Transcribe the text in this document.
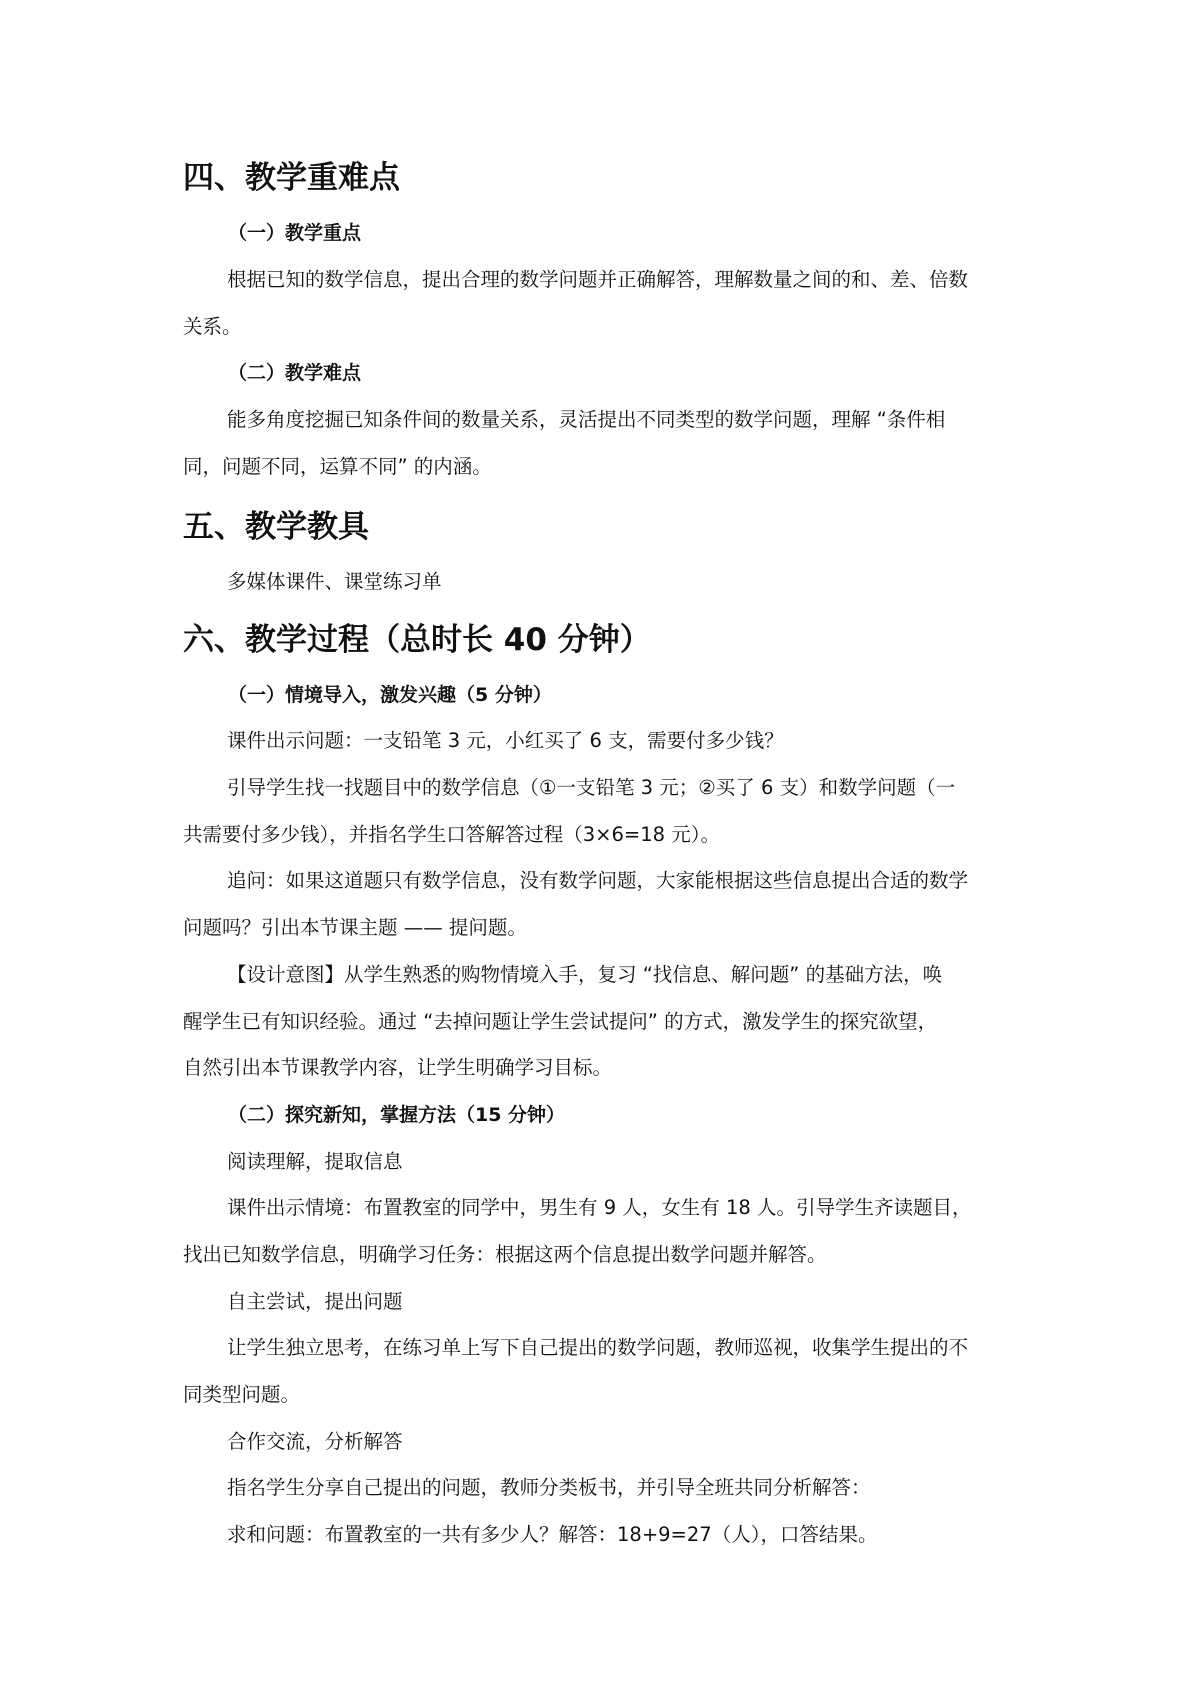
四、教学重难点
（一）教学重点
根据已知的数学信息，提出合理的数学问题并正确解答，理解数量之间的和、差、倍数
关系。
（二）教学难点
能多角度挖掘已知条件间的数量关系，灵活提出不同类型的数学问题，理解 “条件相
同，问题不同，运算不同” 的内涵。
五、教学教具
多媒体课件、课堂练习单
六、教学过程（总时长 40 分钟）
（一）情境导入，激发兴趣（5 分钟）
课件出示问题：一支铅笔 3 元，小红买了 6 支，需要付多少钱？
引导学生找一找题目中的数学信息（①一支铅笔 3 元；②买了 6 支）和数学问题（一
共需要付多少钱），并指名学生口答解答过程（3×6=18 元）。
追问：如果这道题只有数学信息，没有数学问题，大家能根据这些信息提出合适的数学
问题吗？引出本节课主题 —— 提问题。
【设计意图】从学生熟悉的购物情境入手，复习 “找信息、解问题” 的基础方法，唤
醒学生已有知识经验。通过 “去掉问题让学生尝试提问” 的方式，激发学生的探究欲望，
自然引出本节课教学内容，让学生明确学习目标。
（二）探究新知，掌握方法（15 分钟）
阅读理解，提取信息
课件出示情境：布置教室的同学中，男生有 9 人，女生有 18 人。引导学生齐读题目，
找出已知数学信息，明确学习任务：根据这两个信息提出数学问题并解答。
自主尝试，提出问题
让学生独立思考，在练习单上写下自己提出的数学问题，教师巡视，收集学生提出的不
同类型问题。
合作交流，分析解答
指名学生分享自己提出的问题，教师分类板书，并引导全班共同分析解答：
求和问题：布置教室的一共有多少人？解答：18+9=27（人），口答结果。
